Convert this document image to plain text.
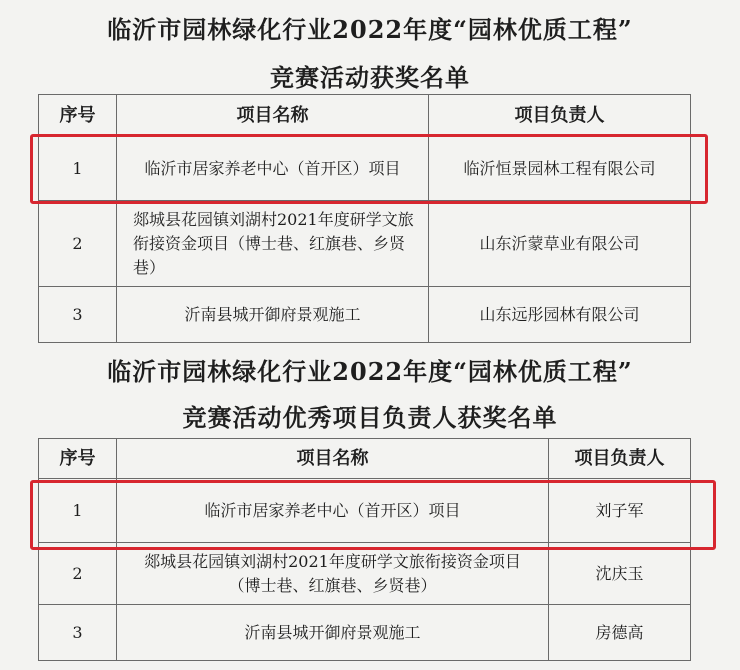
临沂市园林绿化行业2022年度“园林优质工程”
竞赛活动获奖名单
序号	项目名称	项目负责人
1	临沂市居家养老中心（首开区）项目	临沂恒景园林工程有限公司
2	郯城县花园镇刘湖村2021年度研学文旅衔接资金项目（博士巷、红旗巷、乡贤巷）	山东沂蒙草业有限公司
3	沂南县城开御府景观施工	山东远彤园林有限公司
临沂市园林绿化行业2022年度“园林优质工程”
竞赛活动优秀项目负责人获奖名单
序号	项目名称	项目负责人
1	临沂市居家养老中心（首开区）项目	刘子军
2	郯城县花园镇刘湖村2021年度研学文旅衔接资金项目（博士巷、红旗巷、乡贤巷）	沈庆玉
3	沂南县城开御府景观施工	房德高
